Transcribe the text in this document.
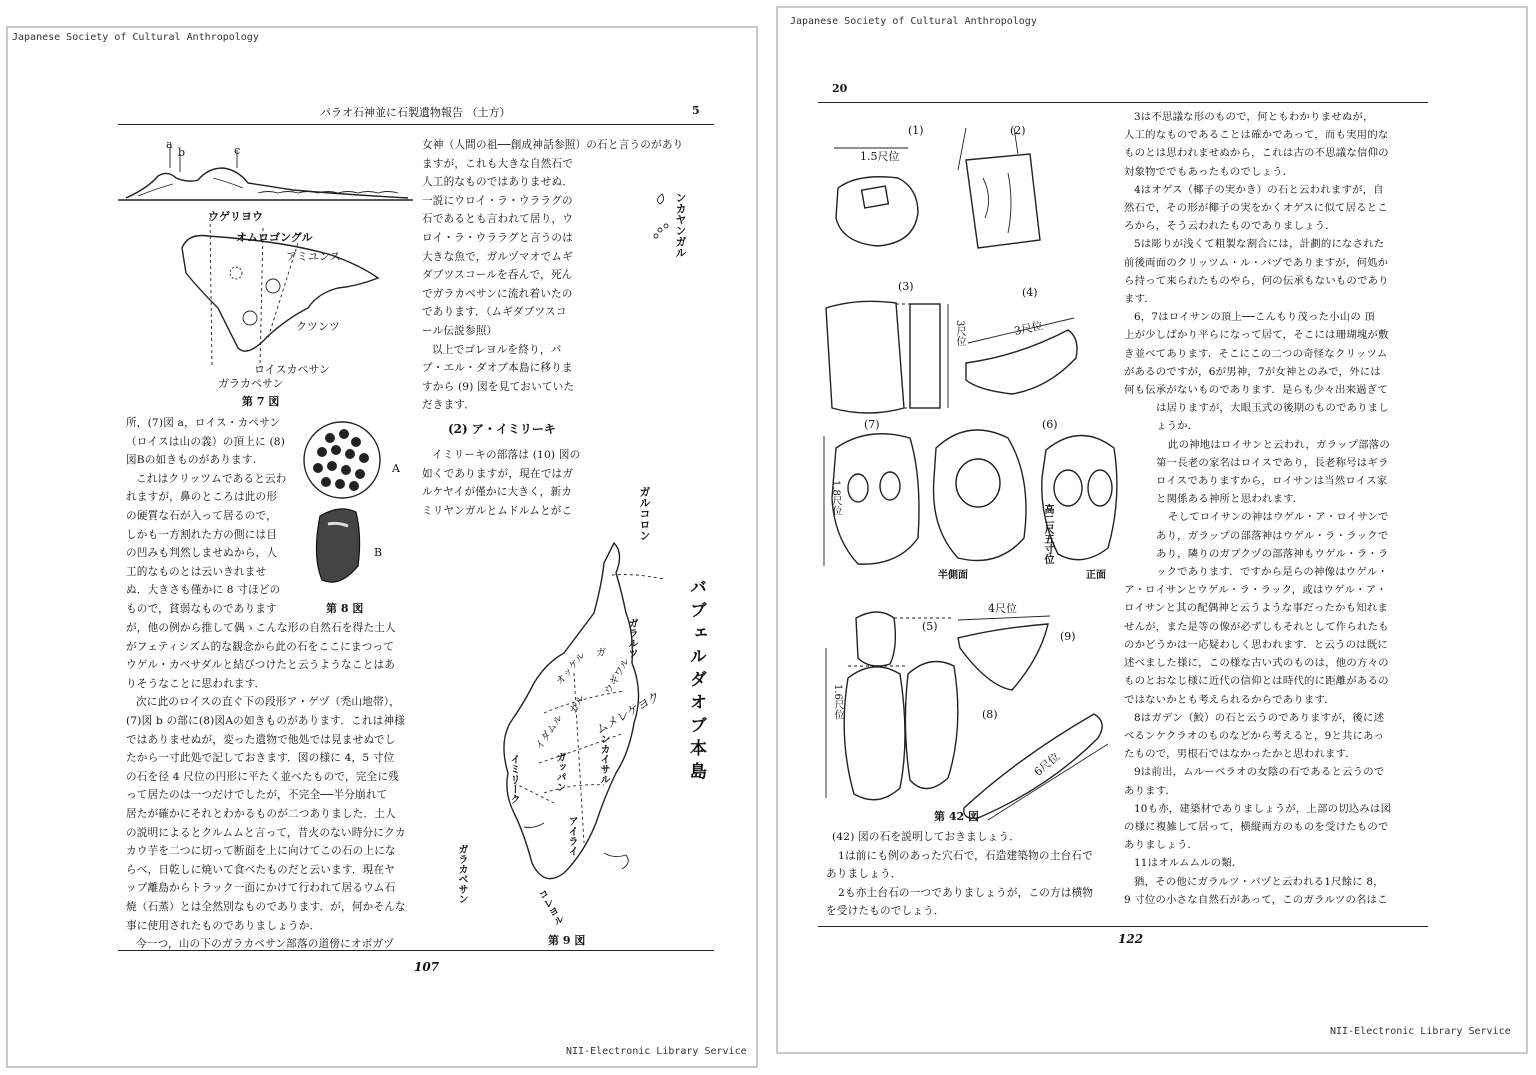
Japanese Society of Cultural Anthropology
パラオ石神並に石製遺物報告 （土方）	5
a
b	c
ウゲリヨウ
オムロゴングル
アミユンス
クツンツ
ロイスカペサン
ガラカペサン
第 7 図
A
B
第 8 図

所，(7)図 a，ロイス・カペサン

（ロイスは山の義）の頂上に (8)

図Bの如きものがあります.

これはクリッツムであると云わ

れますが，鼻のところは此の形

の硬質な石が入って居るので，

しかも一方割れた方の側には目

の凹みも判然しませぬから，人

工的なものとは云いきれませ

ぬ．大きさも僅かに 8 寸ほどの

もので，貧弱なものであります

が，他の例から推して偶ゝこんな形の自然石を得た土人

がフェティシズム的な観念から此の石をここにまつって

ウゲル・カベサダルと結びつけたと云うようなことはあ

りそうなことに思われます．

次に此のロイスの直ぐ下の段形ア・ゲヅ（禿山地帯），

(7)図 b の部に(8)図Aの如きものがあります．これは神様

ではありませぬが，変った遺物で他処では見ませぬでし

たから一寸此処で記しておきます．図の様に 4，5 寸位

の石を径 4 尺位の円形に平たく並べたもので，完全に残

って居たのは一つだけでしたが，不完全──半分崩れて

居たが確かにそれとわかるものが二つありました．土人

の説明によるとクルムムと言って，昔火のない時分にクカ

カウ芋を二つに切って断面を上に向けてこの石の上にな

らべ，日乾しに焼いて食べたものだと云います．現在ヤ

ップ離島からトラック一面にかけて行われて居るウム石

焼（石蒸）とは全然別なものであります．が，何かそんな

事に使用されたものでありましょうか．

今一つ，山の下のガラカベサン部落の道傍にオボガヅ

女神（人間の祖──創成神話参照）の石と言うのがあり

ますが，これも大きな自然石で

人工的なものではありませぬ．

一説にウロイ・ラ・ウララグの

石であるとも言われて居り，ウ

ロイ・ラ・ウララグと言うのは

大きな魚で，ガルヅマオでムギ

ダブツスコールを呑んで，死ん

でガラカベサンに流れ着いたの

であります．（ムギダブツスコ

ール伝説参照）

以上でゴレヨルを終り，バ

ブ・エル・ダオブ本島に移りま

すから (9) 図を見ておいていた

だきます．

(2) ア・イミリーキ

イミリーキの部落は (10) 図の

如くでありますが，現在ではガ

ルケヤイが僅かに大きく，新カ

ミリヤンガルとムドルムとがこ

ンカヤンガル
ガルコロン
バブェルダオブ本島
ガラルツ
オッケル ガ
ウギワル
ガル ムメレケヨク
イダムル
ガッパン	ンカイサル
イミリーク
アイライ
ガラカベサン
コレヨル
第 9 図
107
NII-Electronic Library Service
Japanese Society of Cultural Anthropology
20
(1)	(2)
(3)	(4)
(7)	(6)
(5)
(9)
(8)
1.5尺位
3尺位	3尺位
1.8尺位
高二尺五寸位
半側面	正面
4尺位
1.6尺位
6尺位
第 42 図

(42) 図の石を説明しておきましょう．

1は前にも例のあった穴石で，石造建築物の土台石で

ありましょう．

2も亦土台石の一つでありましょうが，この方は横物

を受けたものでしょう．

3は不思議な形のもので，何ともわかりませぬが，

人工的なものであることは確かであって，而も実用的な

ものとは思われませぬから，これは古の不思議な信仰の

対象物ででもあったものでしょう．

4はオゲス（椰子の実かき）の石と云われますが，自

然石で，その形が椰子の実をかくオゲスに似て居るとこ

ろから，そう云われたものでありましょう．

5は彫りが浅くて粗製な割合には，計劃的になされた

前後両面のクリッツム・ル・バヅでありますが，何処か

ら持って来られたものやら，何の伝承もないものであり

ます．

6，7はロイサンの頂上──こんもり茂った小山の 頂

上が少しばかり平らになって居て，そこには珊瑚塊が敷

き並べてあります．そこにこの二つの奇怪なクリッツム

があるのですが，6が男神，7が女神とのみで，外には

何も伝承がないものであります．是らも少々出来過ぎて

は居りますが，大眼玉式の後期のものでありまし

ょうか．

此の神地はロイサンと云われ，ガラップ部落の

第一長老の家名はロイスであり，長老称号はギラ

ロイスでありますから，ロイサンは当然ロイス家

と関係ある神所と思われます．

そしてロイサンの神はウゲル・ア・ロイサンで

あり，ガラップの部落神はウゲル・ラ・ラックで

あり，隣りのガブクヅの部落神もウゲル・ラ・ラ

ックであります．ですから是らの神像はウゲル・

ア・ロイサンとウゲル・ラ・ラック，或はウゲル・ア・

ロイサンと其の配偶神と云うような事だったかも知れま

せんが，また是等の像が必ずしもそれとして作られたも

のかどうかは一応疑わしく思われます．と云うのは既に

述べました様に，この様な古い式のものは，他の方々の

ものとおなじ様に近代の信仰とは時代的に距離があるの

ではないかとも考えられるからであります．

8はガデン（鮫）の石と云うのでありますが，後に述

べるンケクラオのものなどから考えると，9と共にあっ

たもので，男根石ではなかったかと思われます．

9は前出，ムルーベラオの女陰の石であると云うので

あります．

10も亦，建築材でありましょうが，上部の切込みは図

の様に複雑して居って，横縦両方のものを受けたもので

ありましょう．

11はオルムムルの類．

猶，その他にガラルツ・バヅと云われる1尺餘に 8，

9 寸位の小さな自然石があって，このガラルツの名はこ

122
NII-Electronic Library Service
